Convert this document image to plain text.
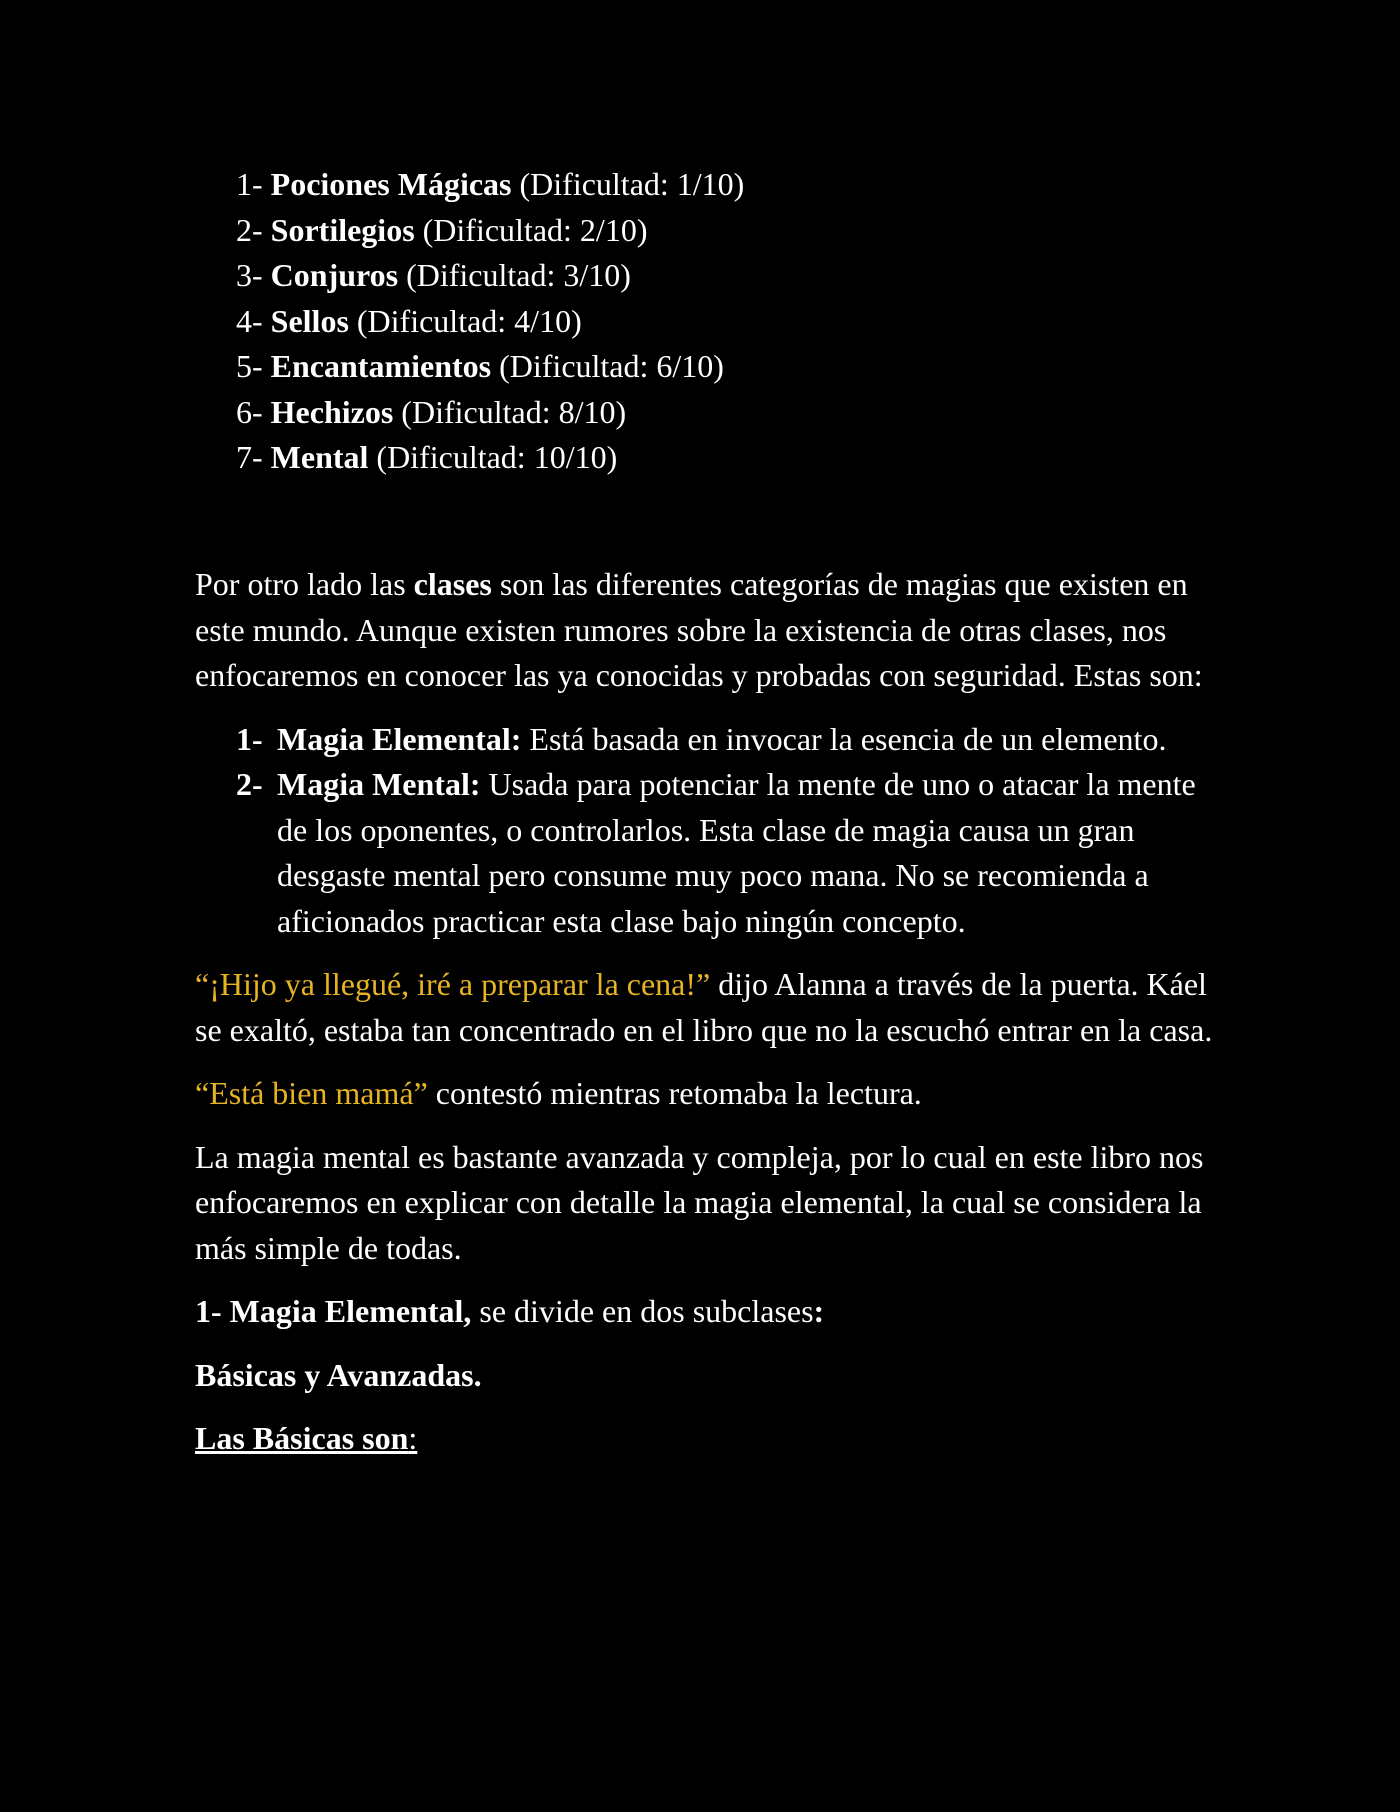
1- Pociones Mágicas (Dificultad: 1/10)
2- Sortilegios (Dificultad: 2/10)
3- Conjuros (Dificultad: 3/10)
4- Sellos (Dificultad: 4/10)
5- Encantamientos (Dificultad: 6/10)
6- Hechizos (Dificultad: 8/10)
7- Mental (Dificultad: 10/10)

Por otro lado las clases son las diferentes categorías de magias que existen en este mundo. Aunque existen rumores sobre la existencia de otras clases, nos enfocaremos en conocer las ya conocidas y probadas con seguridad. Estas son:

1- Magia Elemental: Está basada en invocar la esencia de un elemento.
2- Magia Mental: Usada para potenciar la mente de uno o atacar la mente de los oponentes, o controlarlos. Esta clase de magia causa un gran desgaste mental pero consume muy poco mana. No se recomienda a aficionados practicar esta clase bajo ningún concepto.

“¡Hijo ya llegué, iré a preparar la cena!” dijo Alanna a través de la puerta. Káel se exaltó, estaba tan concentrado en el libro que no la escuchó entrar en la casa.

“Está bien mamá” contestó mientras retomaba la lectura.

La magia mental es bastante avanzada y compleja, por lo cual en este libro nos enfocaremos en explicar con detalle la magia elemental, la cual se considera la más simple de todas.

1- Magia Elemental, se divide en dos subclases:

Básicas y Avanzadas.

Las Básicas son:
